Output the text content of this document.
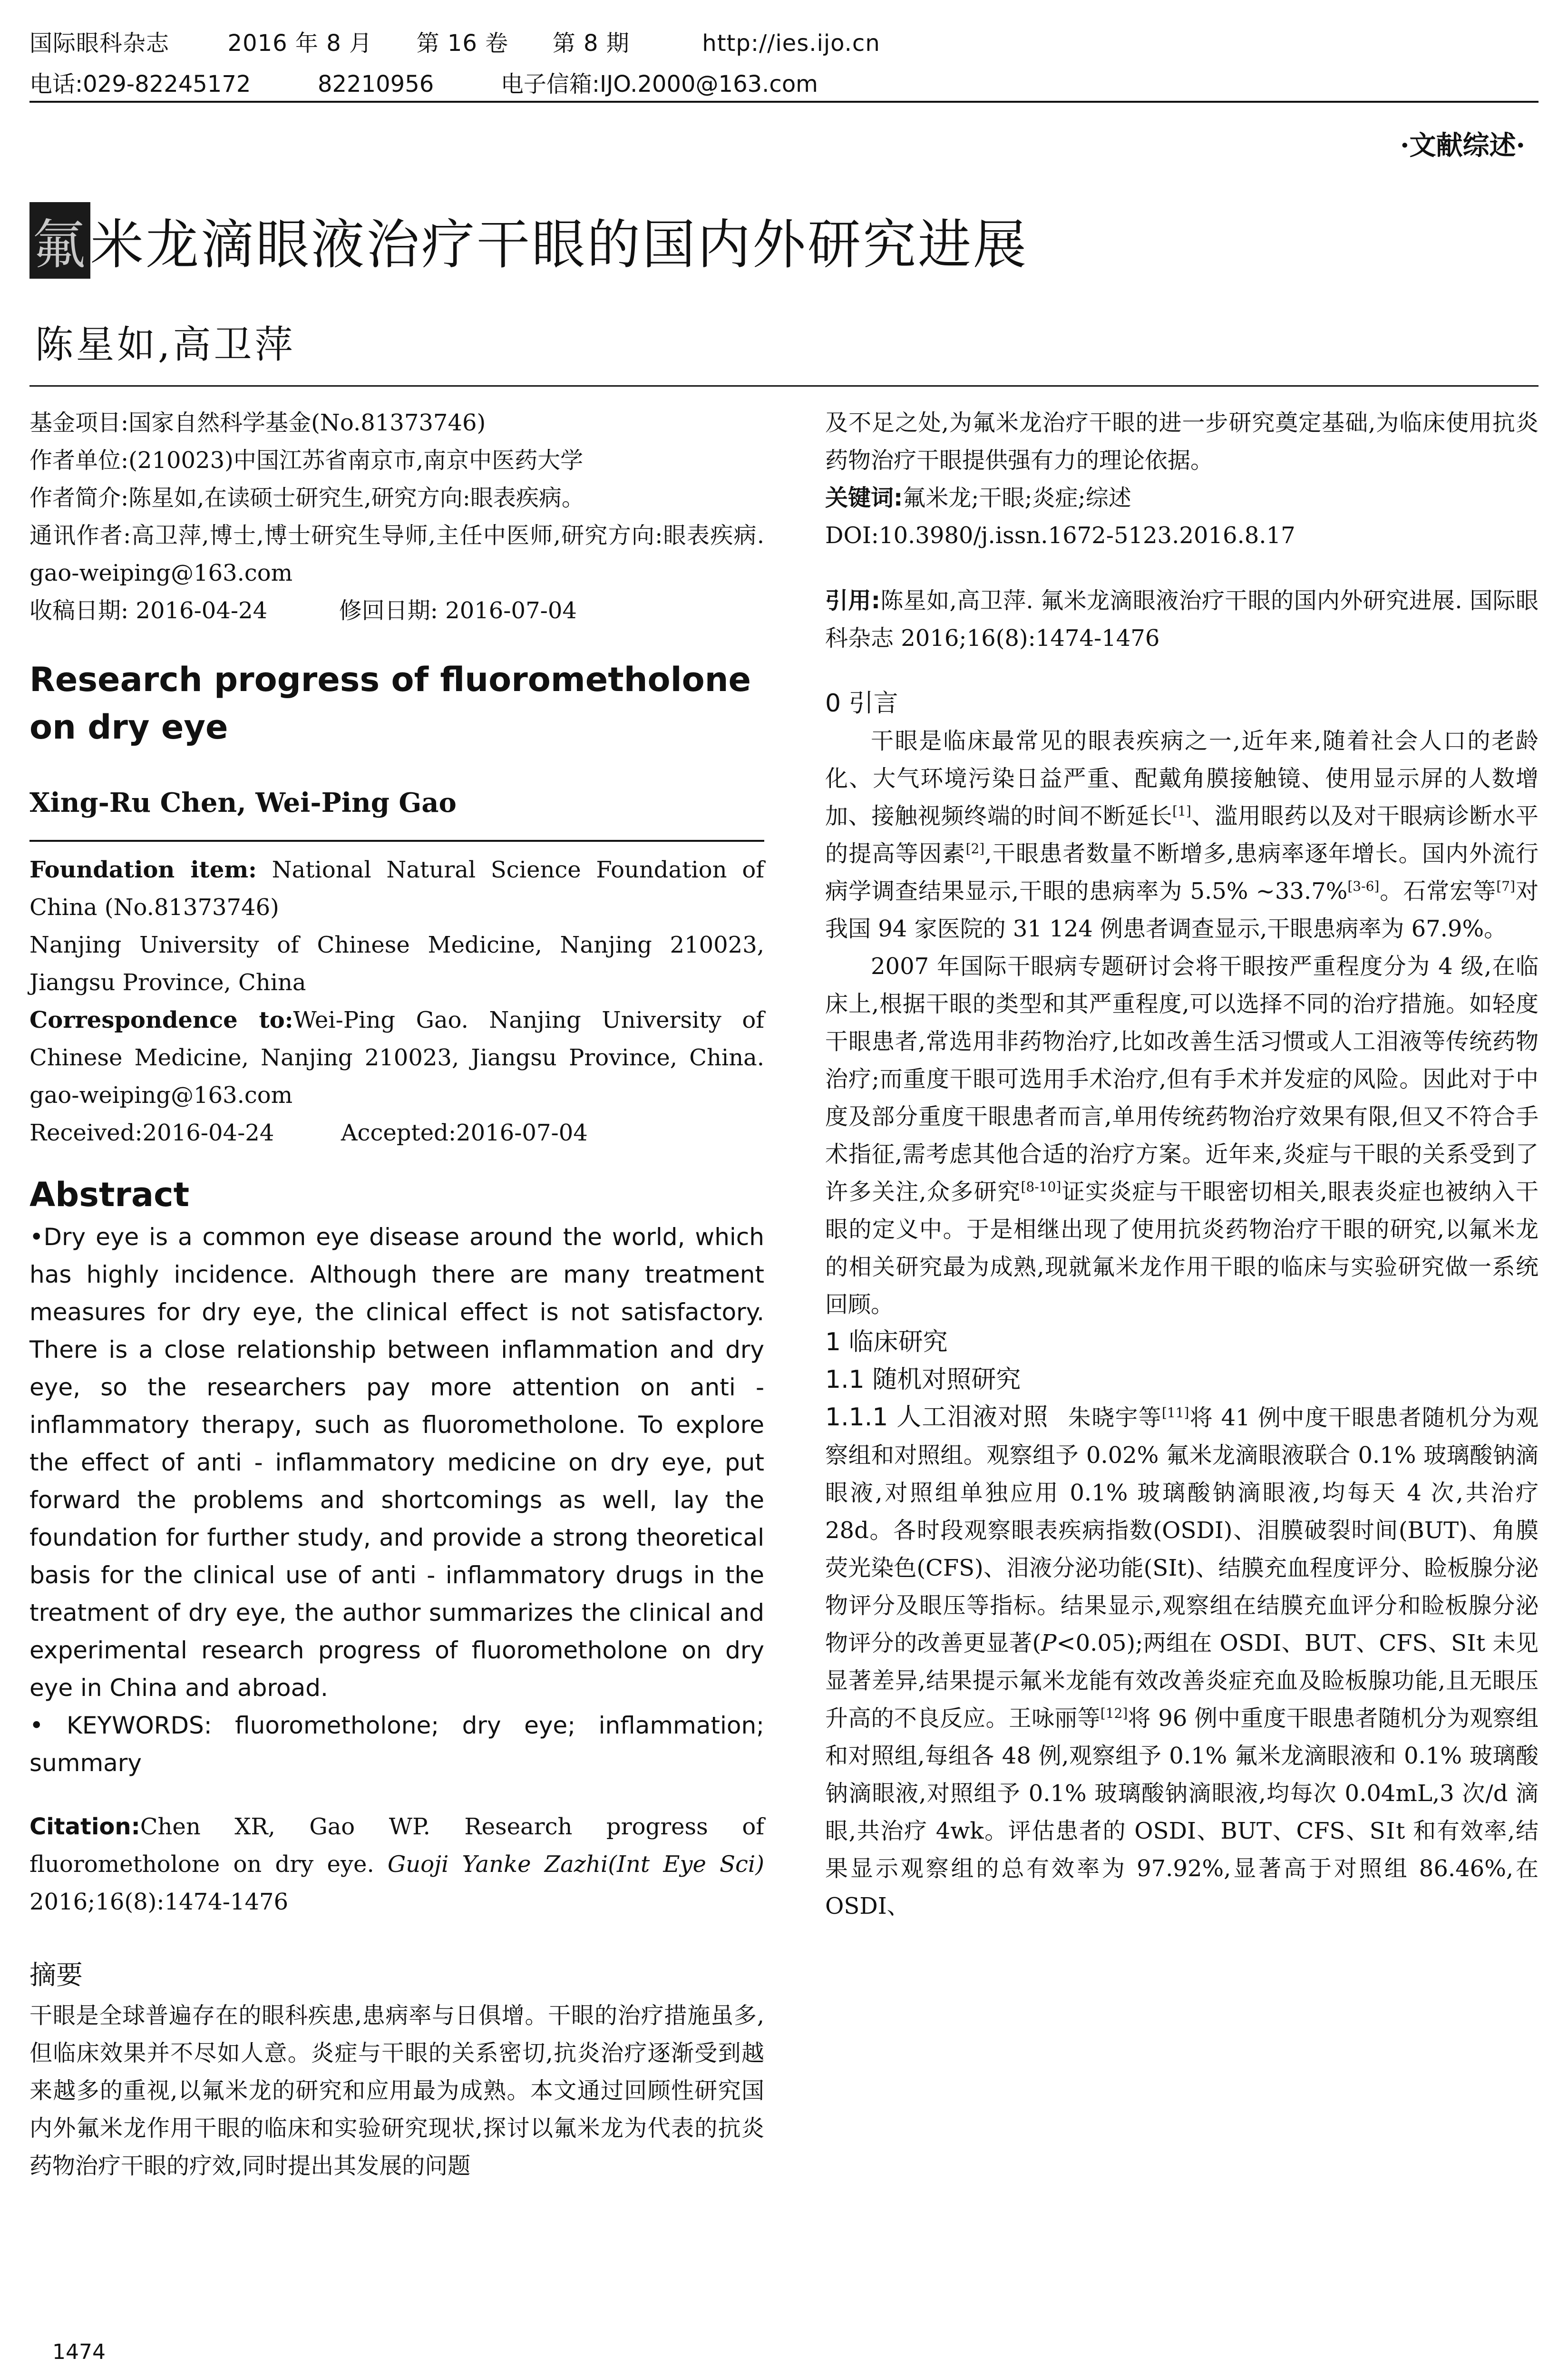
国际眼科杂志	2016 年 8 月 第 16 卷 第 8 期	http://ies.ijo.cn
电话:029-82245172	82210956	电子信箱:IJO.2000@163.com
·文献综述·
氟米龙滴眼液治疗干眼的国内外研究进展
陈星如,高卫萍

基金项目:国家自然科学基金(No.81373746)

作者单位:(210023)中国江苏省南京市,南京中医药大学

作者简介:陈星如,在读硕士研究生,研究方向:眼表疾病。

通讯作者:高卫萍,博士,博士研究生导师,主任中医师,研究方向:眼表疾病. gao-weiping@163.com

收稿日期: 2016-04-24	修回日期: 2016-07-04

Research progress of fluorometholone on dry eye
Xing-Ru Chen, Wei-Ping Gao

Foundation item: National Natural Science Foundation of China (No.81373746)

Nanjing University of Chinese Medicine, Nanjing 210023, Jiangsu Province, China

Correspondence to:Wei-Ping Gao. Nanjing University of Chinese Medicine, Nanjing 210023, Jiangsu Province, China. gao-weiping@163.com

Received:2016-04-24	Accepted:2016-07-04

Abstract

•Dry eye is a common eye disease around the world, which has highly incidence. Although there are many treatment measures for dry eye, the clinical effect is not satisfactory. There is a close relationship between inflammation and dry eye, so the researchers pay more attention on anti - inflammatory therapy, such as fluorometholone. To explore the effect of anti - inflammatory medicine on dry eye, put forward the problems and shortcomings as well, lay the foundation for further study, and provide a strong theoretical basis for the clinical use of anti - inflammatory drugs in the treatment of dry eye, the author summarizes the clinical and experimental research progress of fluorometholone on dry eye in China and abroad.

• KEYWORDS: fluorometholone; dry eye; inflammation; summary

Citation:Chen XR, Gao WP. Research progress of fluorometholone on dry eye. Guoji Yanke Zazhi(Int Eye Sci) 2016;16(8):1474-1476

摘要

干眼是全球普遍存在的眼科疾患,患病率与日俱增。干眼的治疗措施虽多,但临床效果并不尽如人意。炎症与干眼的关系密切,抗炎治疗逐渐受到越来越多的重视,以氟米龙的研究和应用最为成熟。本文通过回顾性研究国内外氟米龙作用干眼的临床和实验研究现状,探讨以氟米龙为代表的抗炎药物治疗干眼的疗效,同时提出其发展的问题

及不足之处,为氟米龙治疗干眼的进一步研究奠定基础,为临床使用抗炎药物治疗干眼提供强有力的理论依据。

关键词:氟米龙;干眼;炎症;综述

DOI:10.3980/j.issn.1672-5123.2016.8.17

引用:陈星如,高卫萍. 氟米龙滴眼液治疗干眼的国内外研究进展. 国际眼科杂志 2016;16(8):1474-1476

0 引言

干眼是临床最常见的眼表疾病之一,近年来,随着社会人口的老龄化、大气环境污染日益严重、配戴角膜接触镜、使用显示屏的人数增加、接触视频终端的时间不断延长[1]、滥用眼药以及对干眼病诊断水平的提高等因素[2],干眼患者数量不断增多,患病率逐年增长。国内外流行病学调查结果显示,干眼的患病率为 5.5% ~33.7%[3-6]。石常宏等[7]对我国 94 家医院的 31 124 例患者调查显示,干眼患病率为 67.9%。

2007 年国际干眼病专题研讨会将干眼按严重程度分为 4 级,在临床上,根据干眼的类型和其严重程度,可以选择不同的治疗措施。如轻度干眼患者,常选用非药物治疗,比如改善生活习惯或人工泪液等传统药物治疗;而重度干眼可选用手术治疗,但有手术并发症的风险。因此对于中度及部分重度干眼患者而言,单用传统药物治疗效果有限,但又不符合手术指征,需考虑其他合适的治疗方案。近年来,炎症与干眼的关系受到了许多关注,众多研究[8-10]证实炎症与干眼密切相关,眼表炎症也被纳入干眼的定义中。于是相继出现了使用抗炎药物治疗干眼的研究,以氟米龙的相关研究最为成熟,现就氟米龙作用干眼的临床与实验研究做一系统回顾。

1 临床研究

1.1 随机对照研究

1.1.1 人工泪液对照 朱晓宇等[11]将 41 例中度干眼患者随机分为观察组和对照组。观察组予 0.02% 氟米龙滴眼液联合 0.1% 玻璃酸钠滴眼液,对照组单独应用 0.1% 玻璃酸钠滴眼液,均每天 4 次,共治疗 28d。各时段观察眼表疾病指数(OSDI)、泪膜破裂时间(BUT)、角膜荧光染色(CFS)、泪液分泌功能(SⅠt)、结膜充血程度评分、睑板腺分泌物评分及眼压等指标。结果显示,观察组在结膜充血评分和睑板腺分泌物评分的改善更显著(P<0.05);两组在 OSDI、BUT、CFS、SⅠt 未见显著差异,结果提示氟米龙能有效改善炎症充血及睑板腺功能,且无眼压升高的不良反应。王咏丽等[12]将 96 例中重度干眼患者随机分为观察组和对照组,每组各 48 例,观察组予 0.1% 氟米龙滴眼液和 0.1% 玻璃酸钠滴眼液,对照组予 0.1% 玻璃酸钠滴眼液,均每次 0.04mL,3 次/d 滴眼,共治疗 4wk。评估患者的 OSDI、BUT、CFS、SⅠt 和有效率,结果显示观察组的总有效率为 97.92%,显著高于对照组 86.46%,在 OSDI、

1474
